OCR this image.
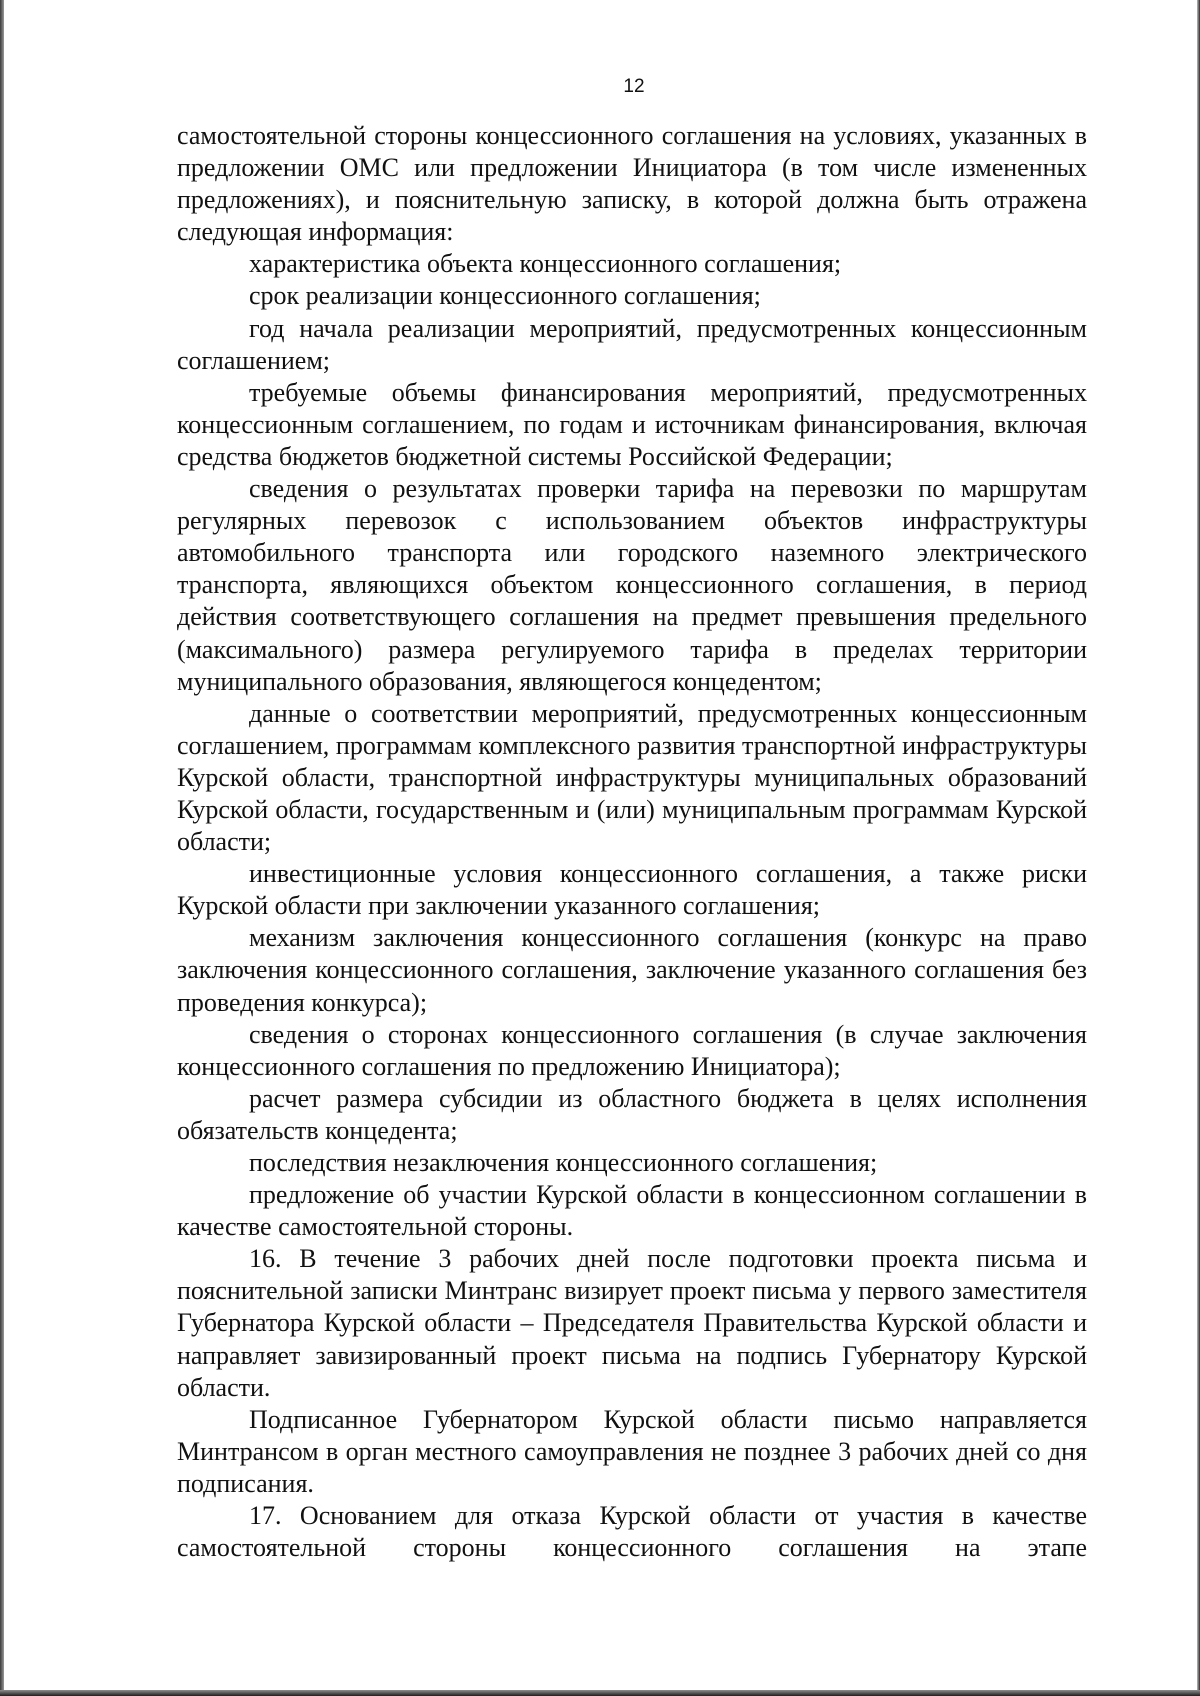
12

самостоятельной стороны концессионного соглашения на условиях, указанных в предложении ОМС или предложении Инициатора (в том числе измененных предложениях), и пояснительную записку, в которой должна быть отражена следующая информация:

характеристика объекта концессионного соглашения;

срок реализации концессионного соглашения;

год начала реализации мероприятий, предусмотренных концессионным соглашением;

требуемые объемы финансирования мероприятий, предусмотренных концессионным соглашением, по годам и источникам финансирования, включая средства бюджетов бюджетной системы Российской Федерации;

сведения о результатах проверки тарифа на перевозки по маршрутам регулярных перевозок с использованием объектов инфраструктуры автомобильного транспорта или городского наземного электрического транспорта, являющихся объектом концессионного соглашения, в период действия соответствующего соглашения на предмет превышения предельного (максимального) размера регулируемого тарифа в пределах территории муниципального образования, являющегося концедентом;

данные о соответствии мероприятий, предусмотренных концессионным соглашением, программам комплексного развития транспортной инфраструктуры Курской области, транспортной инфраструктуры муниципальных образований Курской области, государственным и (или) муниципальным программам Курской области;

инвестиционные условия концессионного соглашения, а также риски Курской области при заключении указанного соглашения;

механизм заключения концессионного соглашения (конкурс на право заключения концессионного соглашения, заключение указанного соглашения без проведения конкурса);

сведения о сторонах концессионного соглашения (в случае заключения концессионного соглашения по предложению Инициатора);

расчет размера субсидии из областного бюджета в целях исполнения обязательств концедента;

последствия незаключения концессионного соглашения;

предложение об участии Курской области в концессионном соглашении в качестве самостоятельной стороны.

16. В течение 3 рабочих дней после подготовки проекта письма и пояснительной записки Минтранс визирует проект письма у первого заместителя Губернатора Курской области – Председателя Правительства Курской области и направляет завизированный проект письма на подпись Губернатору Курской области.

Подписанное Губернатором Курской области письмо направляется Минтрансом в орган местного самоуправления не позднее 3 рабочих дней со дня подписания.

17. Основанием для отказа Курской области от участия в качестве самостоятельной стороны концессионного соглашения на этапе
